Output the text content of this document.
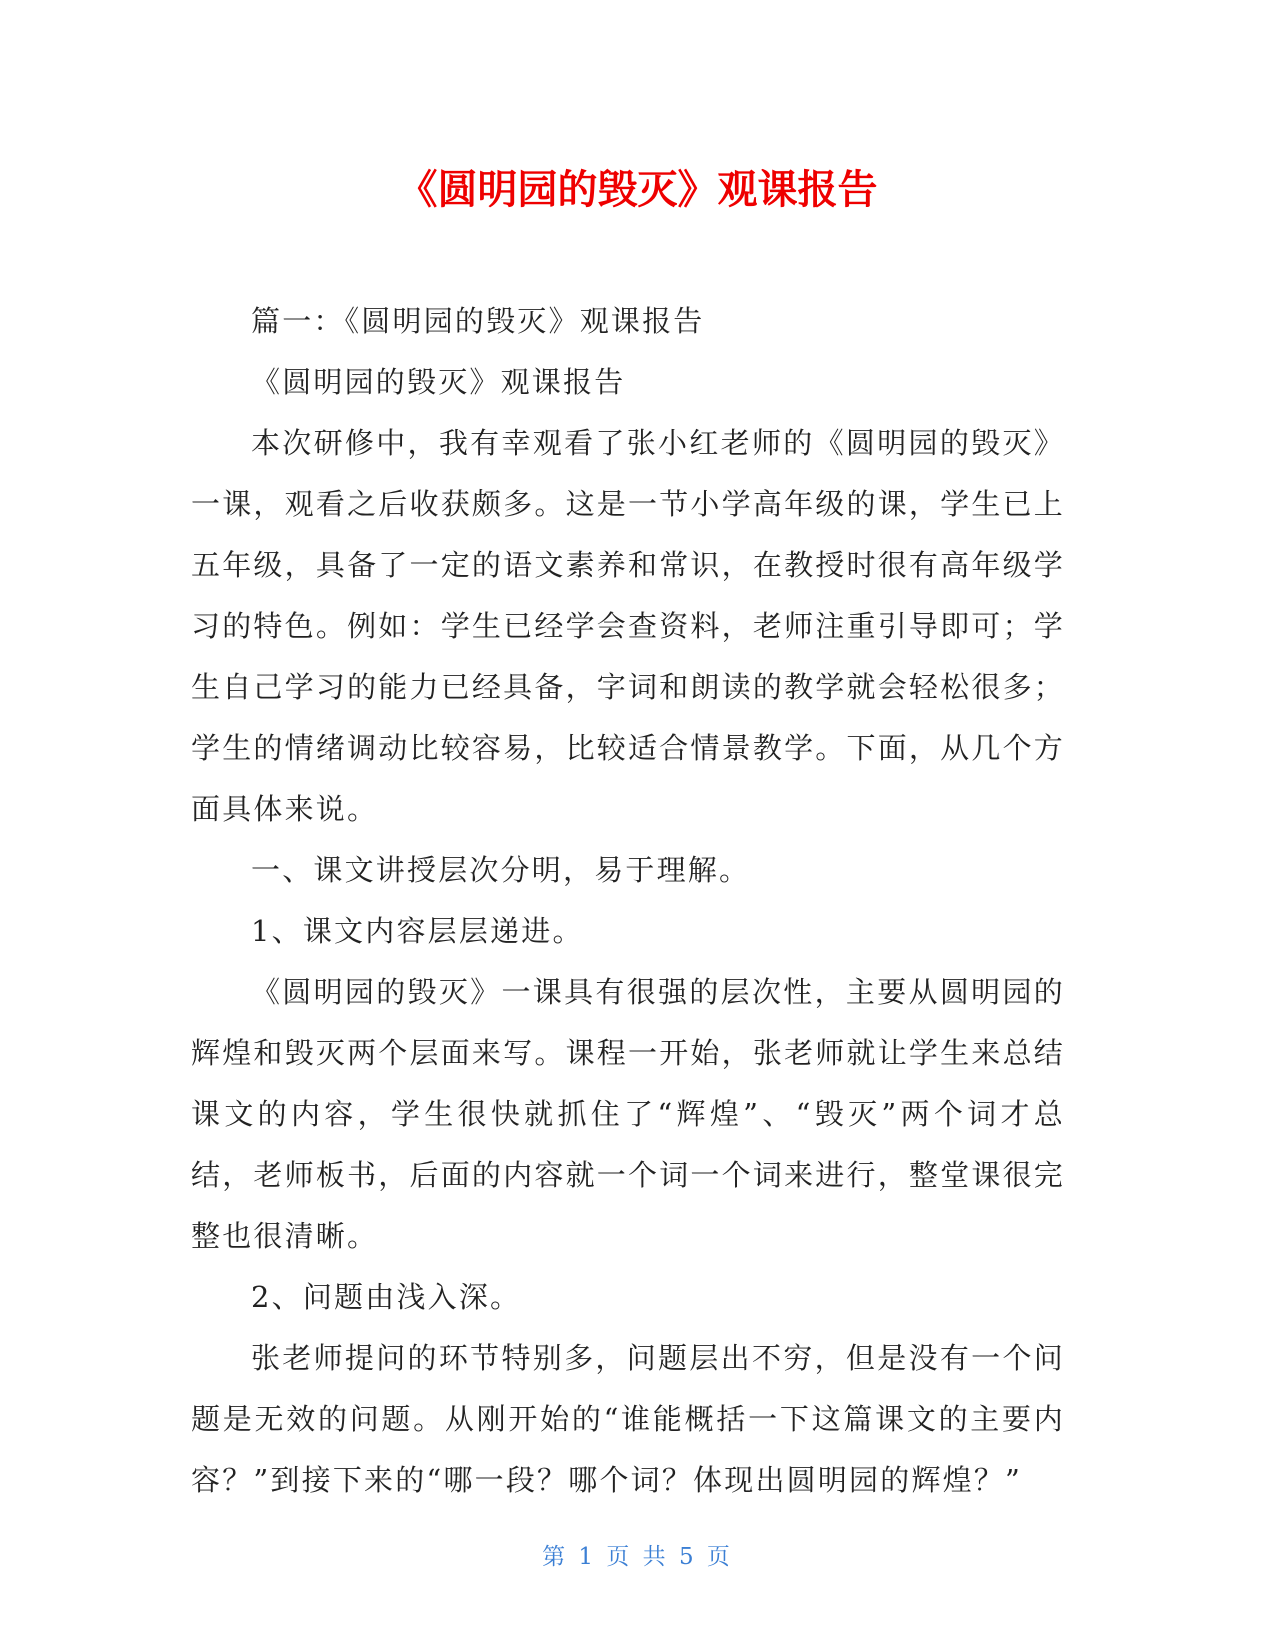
《圆明园的毁灭》观课报告

篇一：《圆明园的毁灭》观课报告

《圆明园的毁灭》观课报告

本次研修中，我有幸观看了张小红老师的《圆明园的毁灭》一课，观看之后收获颇多。这是一节小学高年级的课，学生已上五年级，具备了一定的语文素养和常识，在教授时很有高年级学习的特色。例如：学生已经学会查资料，老师注重引导即可；学生自己学习的能力已经具备，字词和朗读的教学就会轻松很多；学生的情绪调动比较容易，比较适合情景教学。下面，从几个方面具体来说。

一、课文讲授层次分明，易于理解。

1、课文内容层层递进。

《圆明园的毁灭》一课具有很强的层次性，主要从圆明园的辉煌和毁灭两个层面来写。课程一开始，张老师就让学生来总结课文的内容，学生很快就抓住了“辉煌”、“毁灭”两个词才总结，老师板书，后面的内容就一个词一个词来进行，整堂课很完整也很清晰。

2、问题由浅入深。

张老师提问的环节特别多，问题层出不穷，但是没有一个问题是无效的问题。从刚开始的“谁能概括一下这篇课文的主要内容？”到接下来的“哪一段？哪个词？体现出圆明园的辉煌？”

第 1 页 共 5 页
